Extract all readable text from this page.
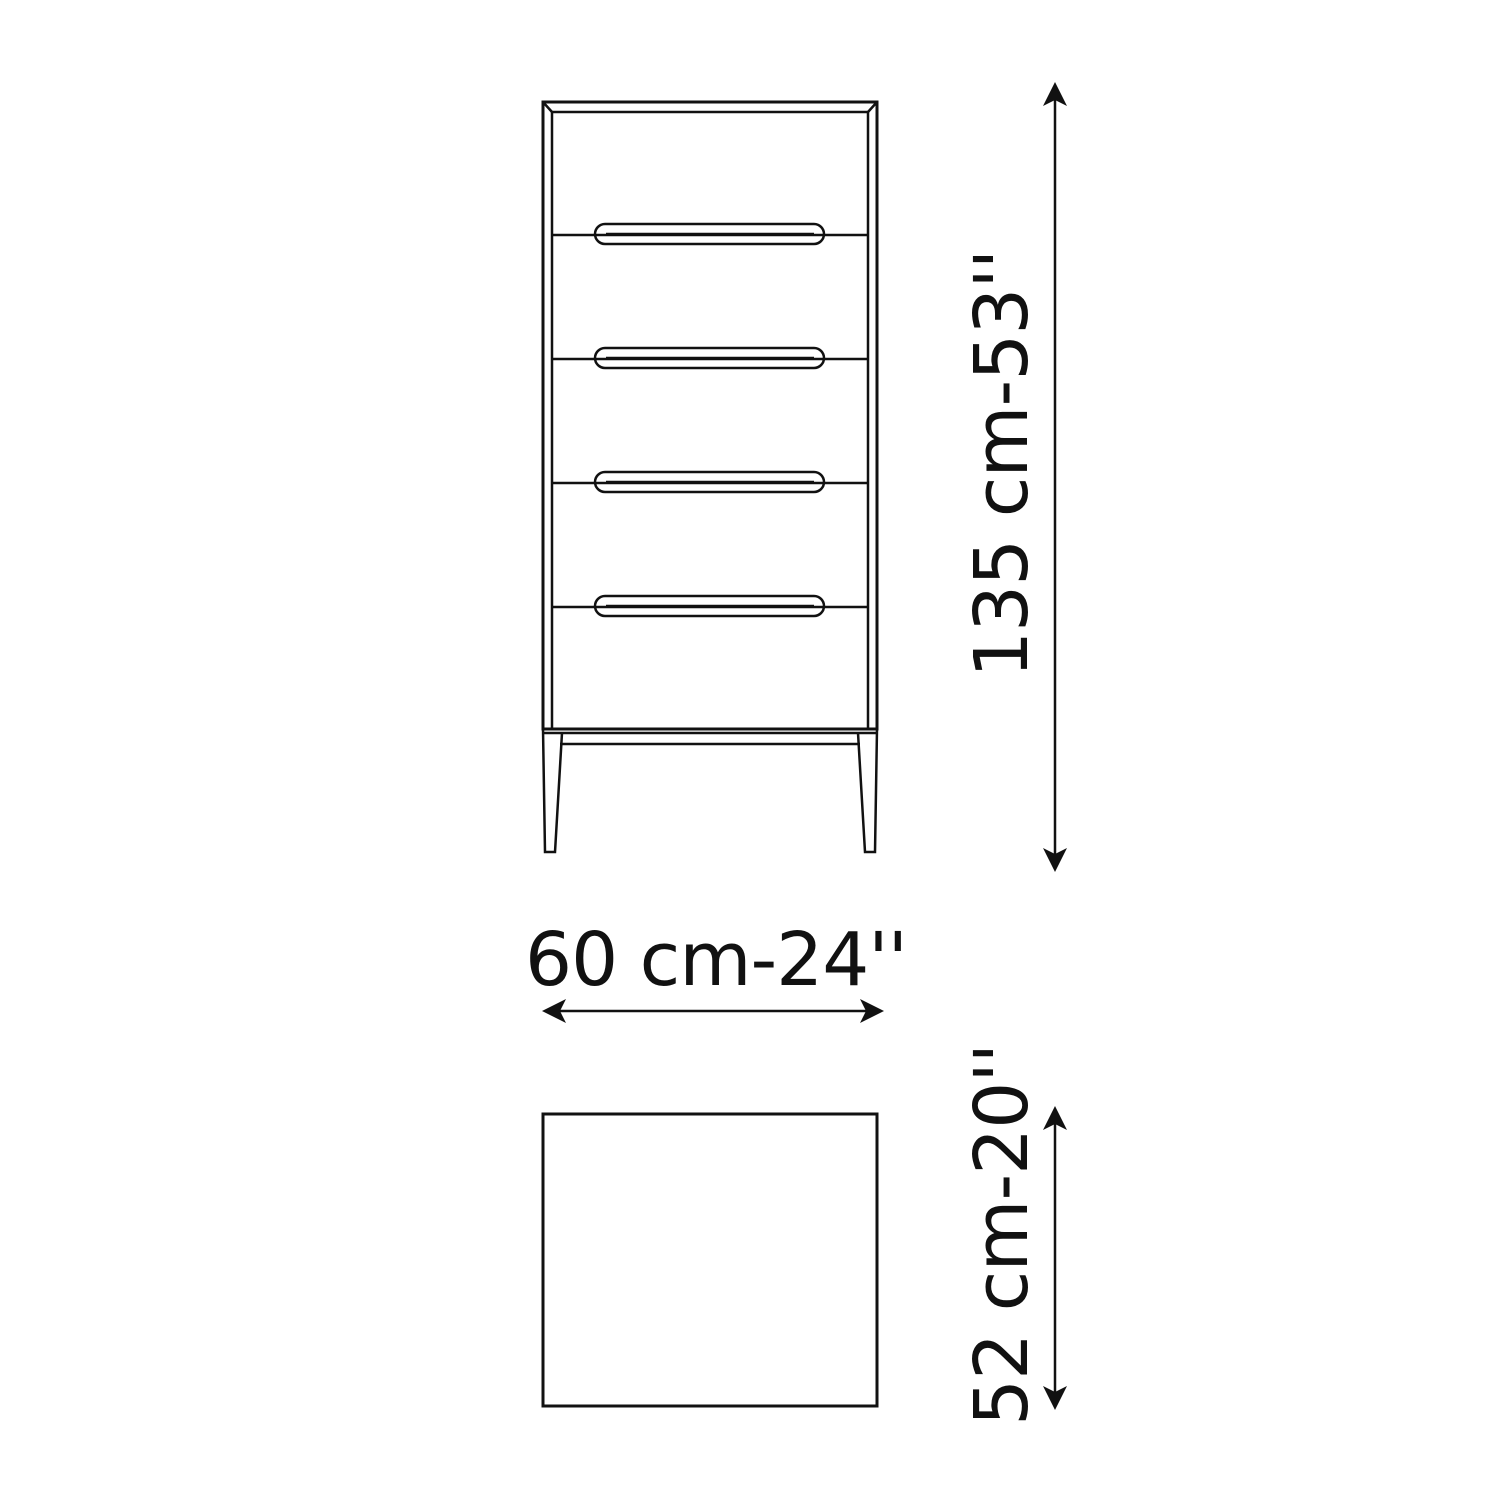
135 cm-53''
60 cm-24''
52 cm-20''
